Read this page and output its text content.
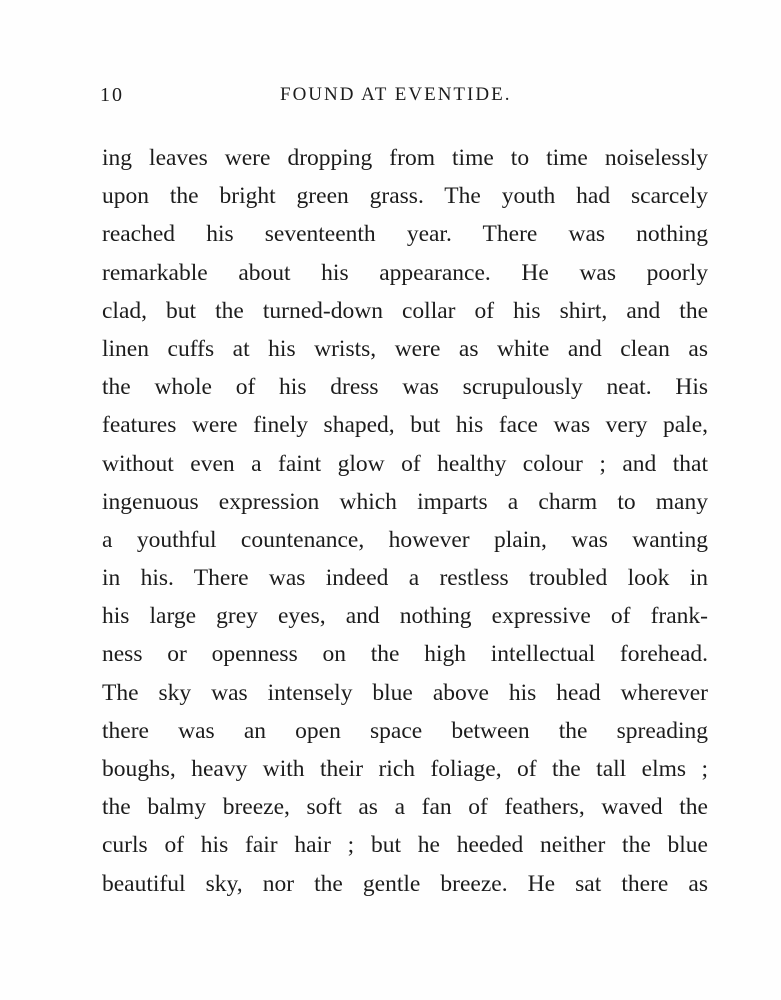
10	FOUND AT EVENTIDE.
ing leaves were dropping from time to time noiselessly
upon the bright green grass. The youth had scarcely
reached his seventeenth year. There was nothing
remarkable about his appearance. He was poorly
clad, but the turned-down collar of his shirt, and the
linen cuffs at his wrists, were as white and clean as
the whole of his dress was scrupulously neat. His
features were finely shaped, but his face was very pale,
without even a faint glow of healthy colour ; and that
ingenuous expression which imparts a charm to many
a youthful countenance, however plain, was wanting
in his. There was indeed a restless troubled look in
his large grey eyes, and nothing expressive of frank-
ness or openness on the high intellectual forehead.
The sky was intensely blue above his head wherever
there was an open space between the spreading
boughs, heavy with their rich foliage, of the tall elms ;
the balmy breeze, soft as a fan of feathers, waved the
curls of his fair hair ; but he heeded neither the blue
beautiful sky, nor the gentle breeze. He sat there as
